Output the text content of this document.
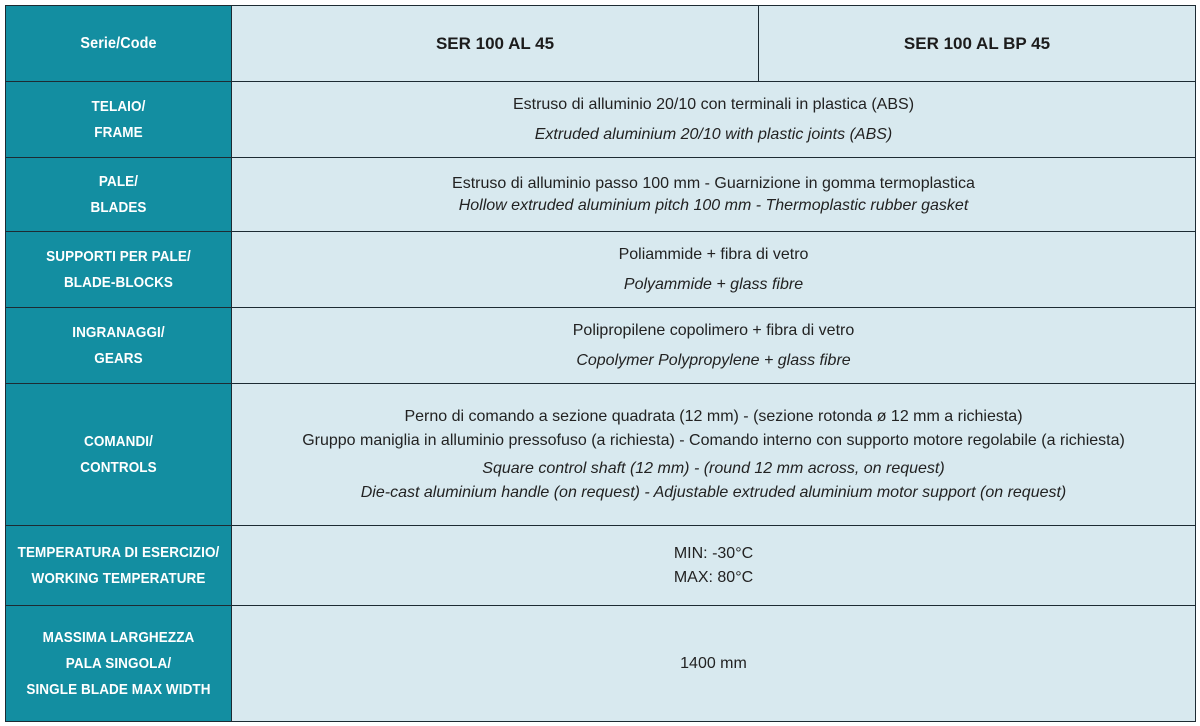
Serie/Code	SER 100 AL 45	SER 100 AL BP 45

TELAIO/
FRAME	Estruso di alluminio 20/10 con terminali in plastica (ABS)
Extruded aluminium 20/10 with plastic joints (ABS)	

PALE/
BLADES	Estruso di alluminio passo 100 mm - Guarnizione in gomma termoplastica
Hollow extruded aluminium pitch 100 mm - Thermoplastic rubber gasket	

SUPPORTI PER PALE/
BLADE-BLOCKS	Poliammide + fibra di vetro
Polyammide + glass fibre	

INGRANAGGI/
GEARS	Polipropilene copolimero + fibra di vetro
Copolymer Polypropylene + glass fibre	

COMANDI/
CONTROLS	Perno di comando a sezione quadrata (12 mm) - (sezione rotonda ø 12 mm a richiesta)
Gruppo maniglia in alluminio pressofuso (a richiesta) - Comando interno con supporto motore regolabile (a richiesta)
Square control shaft (12 mm) - (round 12 mm across, on request)
Die-cast aluminium handle (on request) - Adjustable extruded aluminium motor support (on request)	

TEMPERATURA DI ESERCIZIO/
WORKING TEMPERATURE	MIN: -30°C
MAX: 80°C	

MASSIMA LARGHEZZA
PALA SINGOLA/
SINGLE BLADE MAX WIDTH	1400 mm	
